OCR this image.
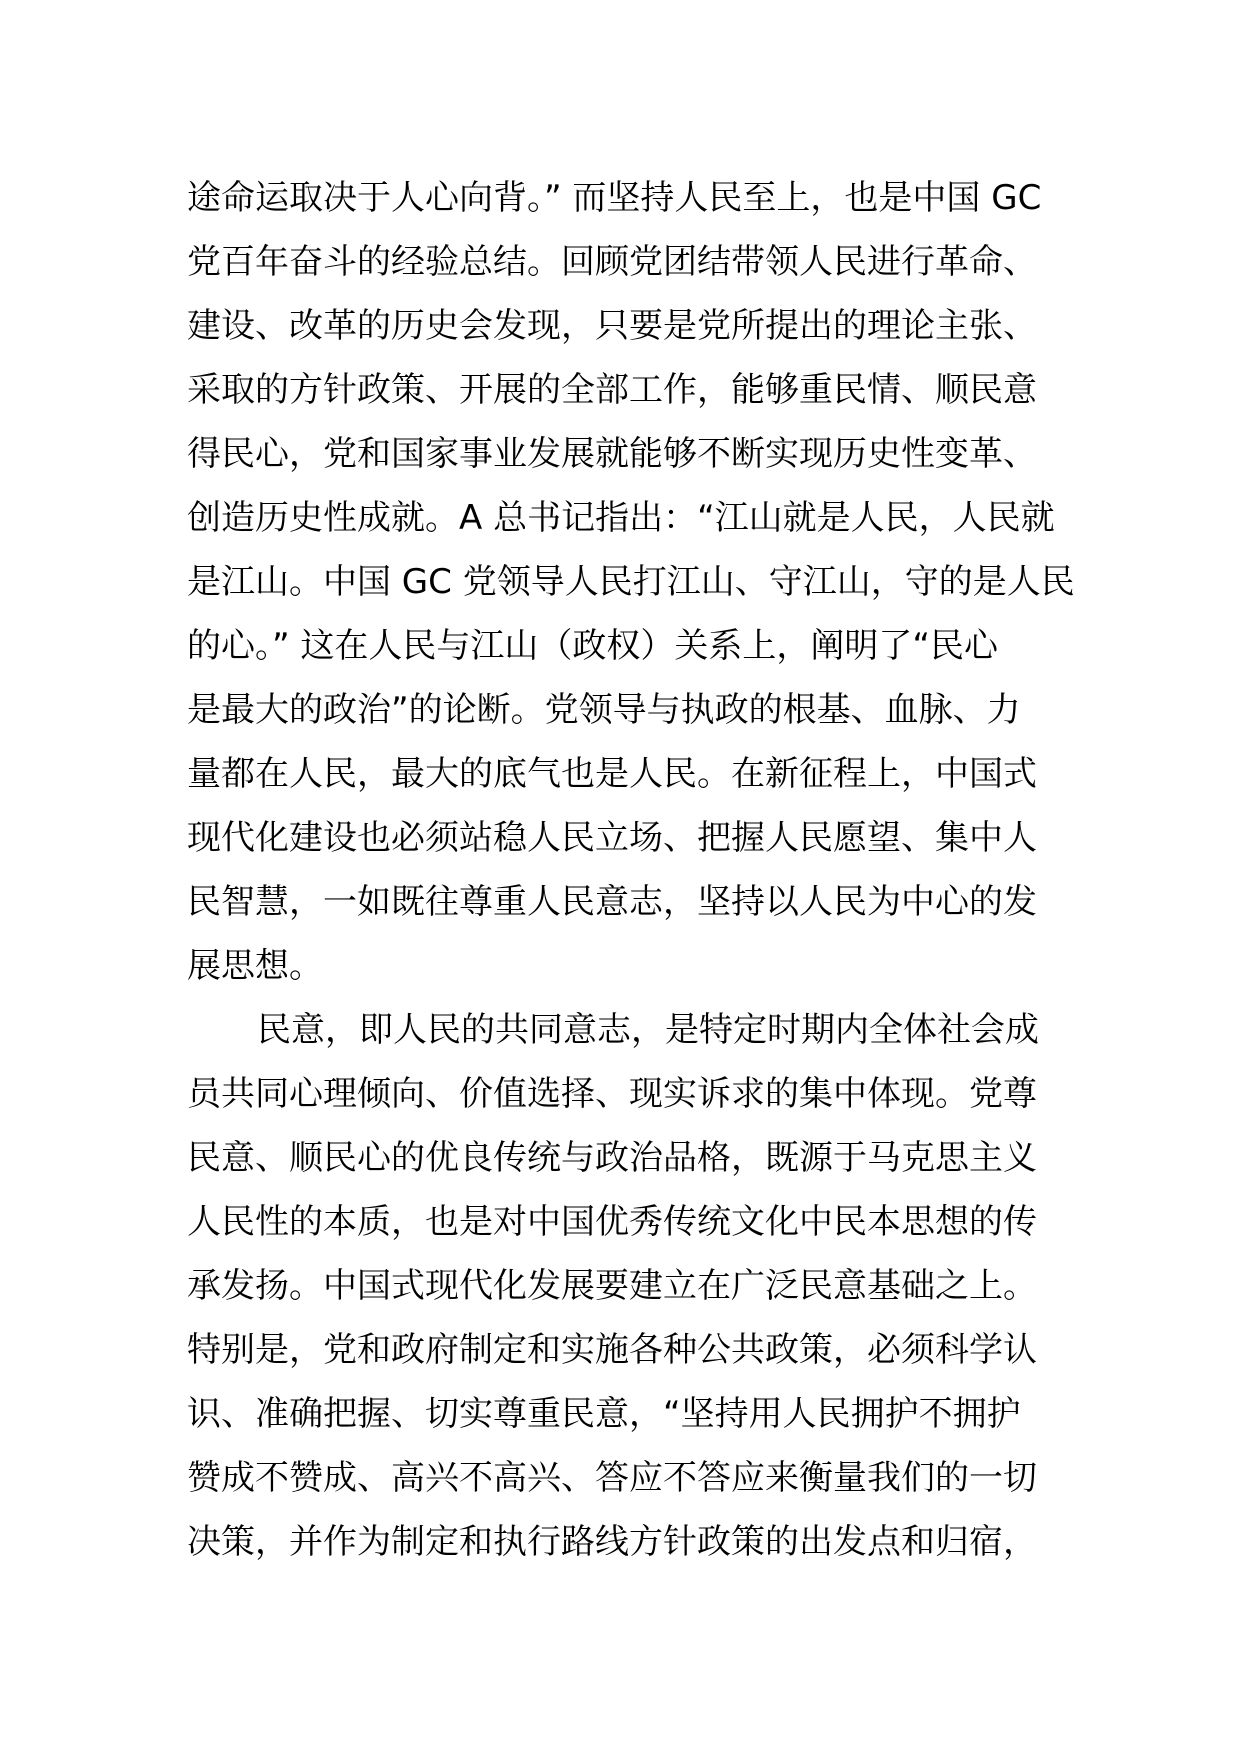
途命运取决于人心向背。” 而坚持人民至上，也是中国 GC
党百年奋斗的经验总结。回顾党团结带领人民进行革命、
建设、改革的历史会发现，只要是党所提出的理论主张、
采取的方针政策、开展的全部工作，能够重民情、顺民意
得民心，党和国家事业发展就能够不断实现历史性变革、
创造历史性成就。A 总书记指出：“江山就是人民，人民就
是江山。中国 GC 党领导人民打江山、守江山，守的是人民
的心。” 这在人民与江山（政权）关系上，阐明了“民心
是最大的政治”的论断。党领导与执政的根基、血脉、力
量都在人民，最大的底气也是人民。在新征程上，中国式
现代化建设也必须站稳人民立场、把握人民愿望、集中人
民智慧，一如既往尊重人民意志，坚持以人民为中心的发
展思想。
民意，即人民的共同意志，是特定时期内全体社会成
员共同心理倾向、价值选择、现实诉求的集中体现。党尊
民意、顺民心的优良传统与政治品格，既源于马克思主义
人民性的本质，也是对中国优秀传统文化中民本思想的传
承发扬。中国式现代化发展要建立在广泛民意基础之上。
特别是，党和政府制定和实施各种公共政策，必须科学认
识、准确把握、切实尊重民意，“坚持用人民拥护不拥护
赞成不赞成、高兴不高兴、答应不答应来衡量我们的一切
决策，并作为制定和执行路线方针政策的出发点和归宿，
